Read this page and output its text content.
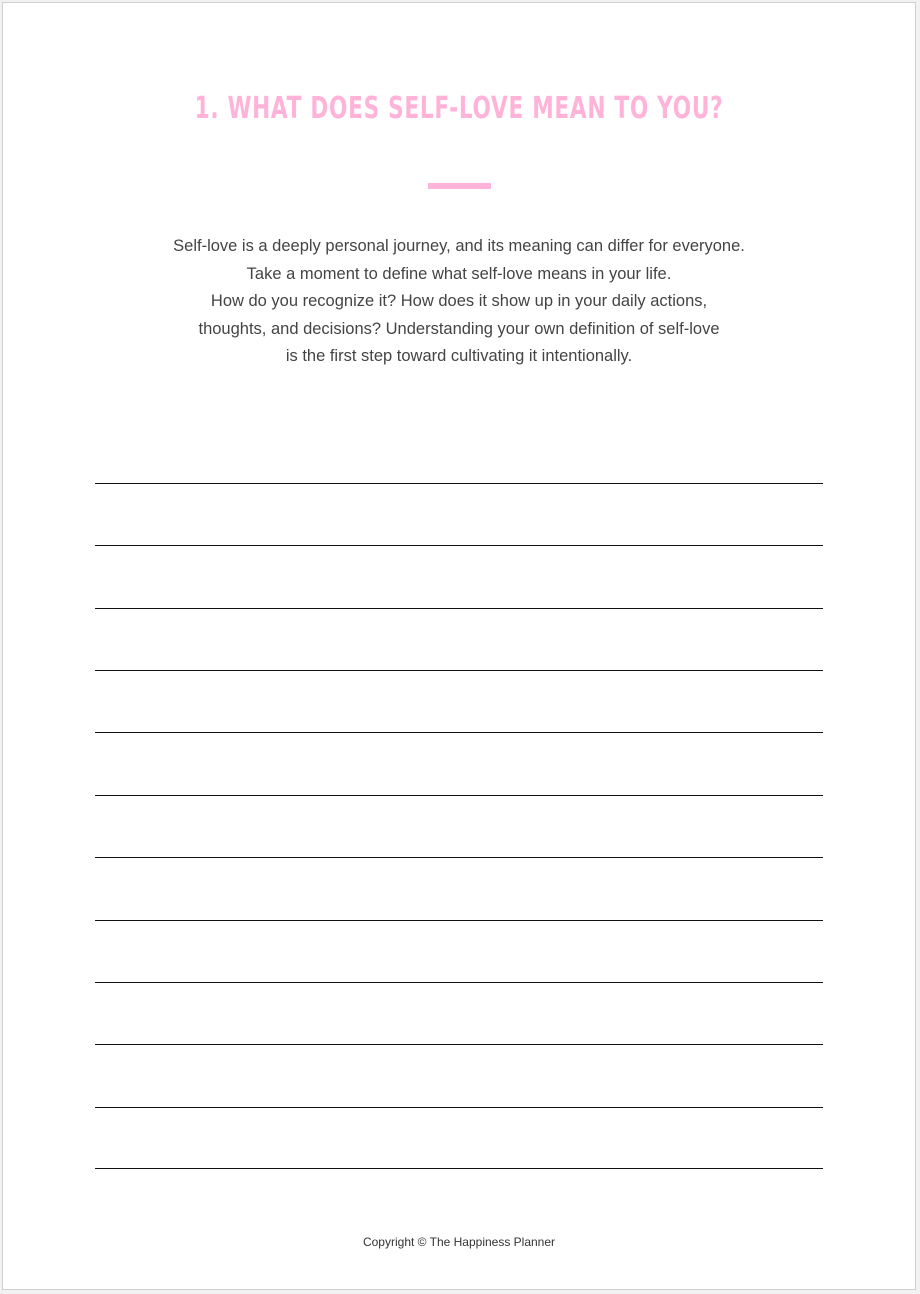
1. WHAT DOES SELF-LOVE MEAN TO YOU?
Self-love is a deeply personal journey, and its meaning can differ for everyone.
Take a moment to define what self-love means in your life.
How do you recognize it? How does it show up in your daily actions,
thoughts, and decisions? Understanding your own definition of self-love
is the first step toward cultivating it intentionally.
Copyright © The Happiness Planner
